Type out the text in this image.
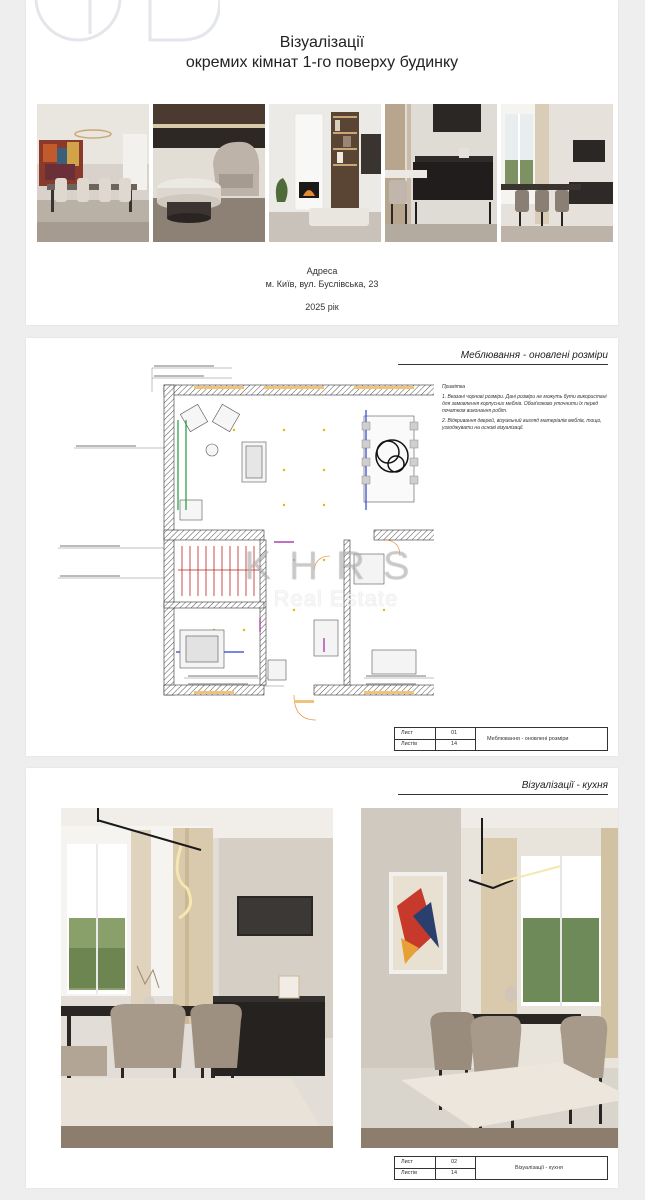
Візуалізації
окремих кімнат 1-го поверху будинку
Адреса
м. Київ, вул. Буслівська, 23
2025 рік
Меблювання - оновлені розміри

Примітка

1. Вказані чорнові розміри. Дані розміри не можуть бути використані для замовлення корпусних меблів. Обов'язково уточнити їх перед початком виконання робіт.

2. Відкривання дверей, візуальний вигляд матеріалів меблів, тощо, узгоджувати на основі візуалізації.

KHRS
Real Estate
Лист	01
Листів	14
Меблювання - оновлені розміри
Візуалізації - кухня
Лист	02
Листів	14
Візуалізації - кухня
